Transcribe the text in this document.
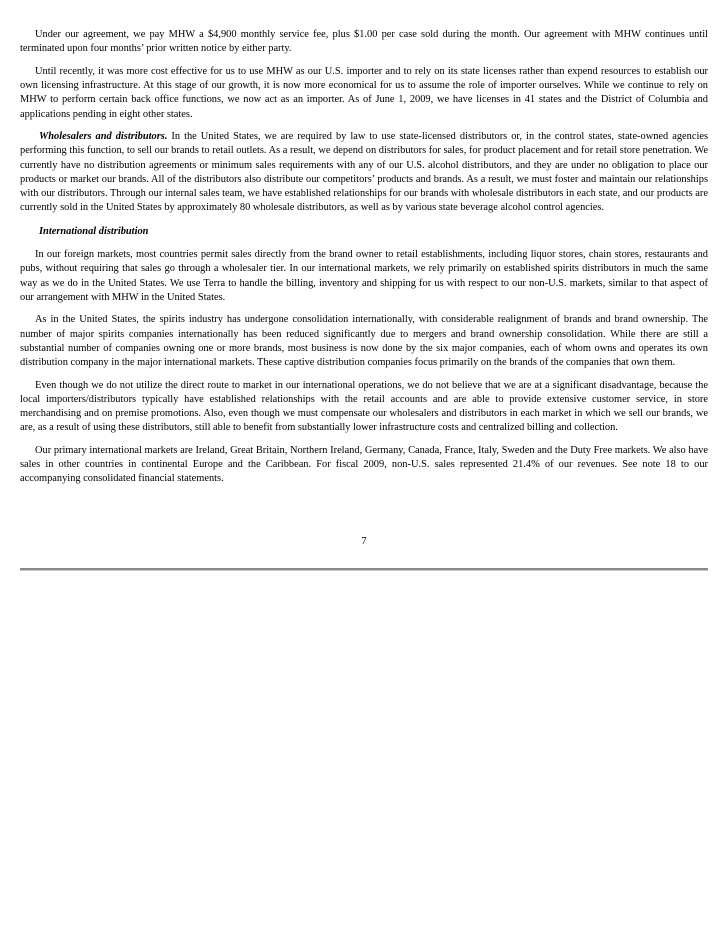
Under our agreement, we pay MHW a $4,900 monthly service fee, plus $1.00 per case sold during the month. Our agreement with MHW continues until terminated upon four months’ prior written notice by either party.

Until recently, it was more cost effective for us to use MHW as our U.S. importer and to rely on its state licenses rather than expend resources to establish our own licensing infrastructure. At this stage of our growth, it is now more economical for us to assume the role of importer ourselves. While we continue to rely on MHW to perform certain back office functions, we now act as an importer. As of June 1, 2009, we have licenses in 41 states and the District of Columbia and applications pending in eight other states.

Wholesalers and distributors. In the United States, we are required by law to use state-licensed distributors or, in the control states, state-owned agencies performing this function, to sell our brands to retail outlets. As a result, we depend on distributors for sales, for product placement and for retail store penetration. We currently have no distribution agreements or minimum sales requirements with any of our U.S. alcohol distributors, and they are under no obligation to place our products or market our brands. All of the distributors also distribute our competitors’ products and brands. As a result, we must foster and maintain our relationships with our distributors. Through our internal sales team, we have established relationships for our brands with wholesale distributors in each state, and our products are currently sold in the United States by approximately 80 wholesale distributors, as well as by various state beverage alcohol control agencies.

International distribution

In our foreign markets, most countries permit sales directly from the brand owner to retail establishments, including liquor stores, chain stores, restaurants and pubs, without requiring that sales go through a wholesaler tier. In our international markets, we rely primarily on established spirits distributors in much the same way as we do in the United States. We use Terra to handle the billing, inventory and shipping for us with respect to our non-U.S. markets, similar to that aspect of our arrangement with MHW in the United States.

As in the United States, the spirits industry has undergone consolidation internationally, with considerable realignment of brands and brand ownership. The number of major spirits companies internationally has been reduced significantly due to mergers and brand ownership consolidation. While there are still a substantial number of companies owning one or more brands, most business is now done by the six major companies, each of whom owns and operates its own distribution company in the major international markets. These captive distribution companies focus primarily on the brands of the companies that own them.

Even though we do not utilize the direct route to market in our international operations, we do not believe that we are at a significant disadvantage, because the local importers/distributors typically have established relationships with the retail accounts and are able to provide extensive customer service, in store merchandising and on premise promotions. Also, even though we must compensate our wholesalers and distributors in each market in which we sell our brands, we are, as a result of using these distributors, still able to benefit from substantially lower infrastructure costs and centralized billing and collection.

Our primary international markets are Ireland, Great Britain, Northern Ireland, Germany, Canada, France, Italy, Sweden and the Duty Free markets. We also have sales in other countries in continental Europe and the Caribbean. For fiscal 2009, non-U.S. sales represented 21.4% of our revenues. See note 18 to our accompanying consolidated financial statements.

7
